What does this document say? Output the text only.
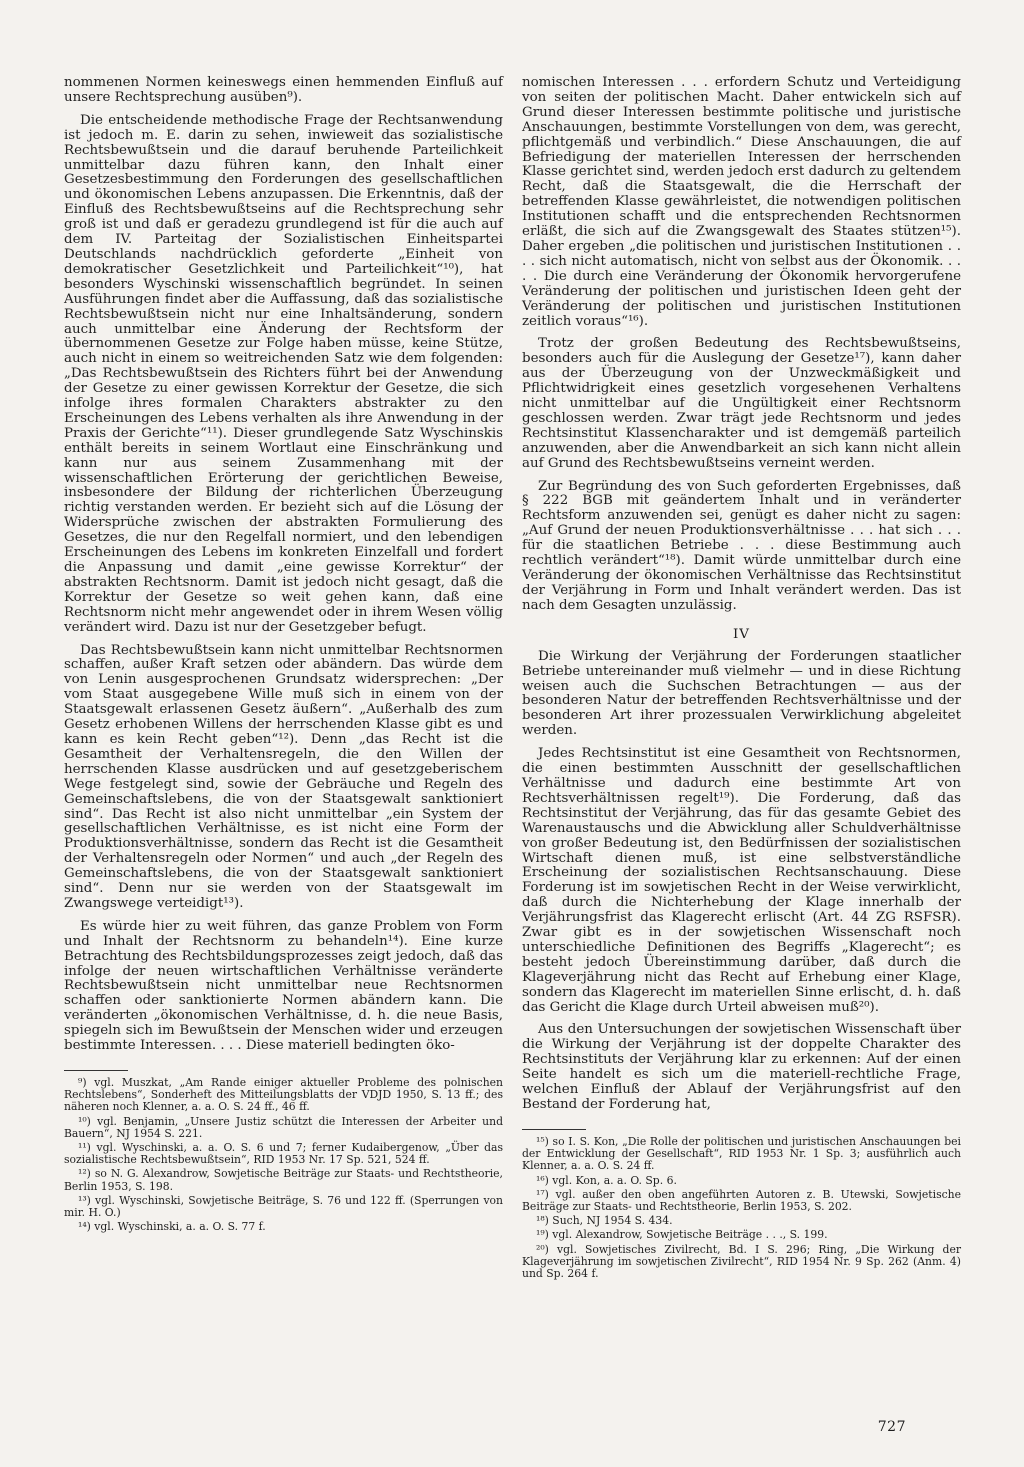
nommenen Normen keineswegs einen hemmenden Einfluß auf unsere Rechtsprechung ausüben⁹).

Die entscheidende methodische Frage der Rechtsanwendung ist jedoch m. E. darin zu sehen, inwieweit das sozialistische Rechtsbewußtsein und die darauf beruhende Parteilichkeit unmittelbar dazu führen kann, den Inhalt einer Gesetzesbestimmung den Forderungen des gesellschaftlichen und ökonomischen Lebens anzupassen. Die Erkenntnis, daß der Einfluß des Rechtsbewußtseins auf die Rechtsprechung sehr groß ist und daß er geradezu grundlegend ist für die auch auf dem IV. Parteitag der Sozialistischen Einheitspartei Deutschlands nachdrücklich geforderte „Einheit von demokratischer Gesetzlichkeit und Parteilichkeit“¹⁰), hat besonders Wyschinski wissenschaftlich begründet. In seinen Ausführungen findet aber die Auffassung, daß das sozialistische Rechtsbewußtsein nicht nur eine Inhaltsänderung, sondern auch unmittelbar eine Änderung der Rechtsform der übernommenen Gesetze zur Folge haben müsse, keine Stütze, auch nicht in einem so weitreichenden Satz wie dem folgenden: „Das Rechtsbewußtsein des Richters führt bei der Anwendung der Gesetze zu einer gewissen Korrektur der Gesetze, die sich infolge ihres formalen Charakters abstrakter zu den Erscheinungen des Lebens verhalten als ihre Anwendung in der Praxis der Gerichte“¹¹). Dieser grundlegende Satz Wyschinskis enthält bereits in seinem Wortlaut eine Einschränkung und kann nur aus seinem Zusammenhang mit der wissenschaftlichen Erörterung der gerichtlichen Beweise, insbesondere der Bildung der richterlichen Überzeugung richtig verstanden werden. Er bezieht sich auf die Lösung der Widersprüche zwischen der abstrakten Formulierung des Gesetzes, die nur den Regelfall normiert, und den lebendigen Erscheinungen des Lebens im konkreten Einzelfall und fordert die Anpassung und damit „eine gewisse Korrektur“ der abstrakten Rechtsnorm. Damit ist jedoch nicht gesagt, daß die Korrektur der Gesetze so weit gehen kann, daß eine Rechtsnorm nicht mehr angewendet oder in ihrem Wesen völlig verändert wird. Dazu ist nur der Gesetzgeber befugt.

Das Rechtsbewußtsein kann nicht unmittelbar Rechtsnormen schaffen, außer Kraft setzen oder abändern. Das würde dem von Lenin ausgesprochenen Grundsatz widersprechen: „Der vom Staat ausgegebene Wille muß sich in einem von der Staatsgewalt erlassenen Gesetz äußern“. „Außerhalb des zum Gesetz erhobenen Willens der herrschenden Klasse gibt es und kann es kein Recht geben“¹²). Denn „das Recht ist die Gesamtheit der Verhaltensregeln, die den Willen der herrschenden Klasse ausdrücken und auf gesetzgeberischem Wege festgelegt sind, sowie der Gebräuche und Regeln des Gemeinschaftslebens, die von der Staatsgewalt sanktioniert sind“. Das Recht ist also nicht unmittelbar „ein System der gesellschaftlichen Verhältnisse, es ist nicht eine Form der Produktionsverhältnisse, sondern das Recht ist die Gesamtheit der Verhaltensregeln oder Normen“ und auch „der Regeln des Gemeinschaftslebens, die von der Staatsgewalt sanktioniert sind“. Denn nur sie werden von der Staatsgewalt im Zwangswege verteidigt¹³).

Es würde hier zu weit führen, das ganze Problem von Form und Inhalt der Rechtsnorm zu behandeln¹⁴). Eine kurze Betrachtung des Rechtsbildungsprozesses zeigt jedoch, daß das infolge der neuen wirtschaftlichen Verhältnisse veränderte Rechtsbewußtsein nicht unmittelbar neue Rechtsnormen schaffen oder sanktionierte Normen abändern kann. Die veränderten „ökonomischen Verhältnisse, d. h. die neue Basis, spiegeln sich im Bewußtsein der Menschen wider und erzeugen bestimmte Interessen. . . . Diese materiell bedingten öko-

⁹) vgl. Muszkat, „Am Rande einiger aktueller Probleme des polnischen Rechtslebens“, Sonderheft des Mitteilungsblatts der VDJD 1950, S. 13 ff.; des näheren noch Klenner, a. a. O. S. 24 ff., 46 ff.

¹⁰) vgl. Benjamin, „Unsere Justiz schützt die Interessen der Arbeiter und Bauern“, NJ 1954 S. 221.

¹¹) vgl. Wyschinski, a. a. O. S. 6 und 7; ferner Kudaibergenow, „Über das sozialistische Rechtsbewußtsein“, RID 1953 Nr. 17 Sp. 521, 524 ff.

¹²) so N. G. Alexandrow, Sowjetische Beiträge zur Staats- und Rechtstheorie, Berlin 1953, S. 198.

¹³) vgl. Wyschinski, Sowjetische Beiträge, S. 76 und 122 ff. (Sperrungen von mir. H. O.)

¹⁴) vgl. Wyschinski, a. a. O. S. 77 f.

nomischen Interessen . . . erfordern Schutz und Verteidigung von seiten der politischen Macht. Daher entwickeln sich auf Grund dieser Interessen bestimmte politische und juristische Anschauungen, bestimmte Vorstellungen von dem, was gerecht, pflichtgemäß und verbindlich.“ Diese Anschauungen, die auf Befriedigung der materiellen Interessen der herrschenden Klasse gerichtet sind, werden jedoch erst dadurch zu geltendem Recht, daß die Staatsgewalt, die die Herrschaft der betreffenden Klasse gewährleistet, die notwendigen politischen Institutionen schafft und die entsprechenden Rechtsnormen erläßt, die sich auf die Zwangsgewalt des Staates stützen¹⁵). Daher ergeben „die politischen und juristischen Institutionen . . . . sich nicht automatisch, nicht von selbst aus der Ökonomik. . . . . Die durch eine Veränderung der Ökonomik hervorgerufene Veränderung der politischen und juristischen Ideen geht der Veränderung der politischen und juristischen Institutionen zeitlich voraus“¹⁶).

Trotz der großen Bedeutung des Rechtsbewußtseins, besonders auch für die Auslegung der Gesetze¹⁷), kann daher aus der Überzeugung von der Unzweckmäßigkeit und Pflichtwidrigkeit eines gesetzlich vorgesehenen Verhaltens nicht unmittelbar auf die Ungültigkeit einer Rechtsnorm geschlossen werden. Zwar trägt jede Rechtsnorm und jedes Rechtsinstitut Klassencharakter und ist demgemäß parteilich anzuwenden, aber die Anwendbarkeit an sich kann nicht allein auf Grund des Rechtsbewußtseins verneint werden.

Zur Begründung des von Such geforderten Ergebnisses, daß § 222 BGB mit geändertem Inhalt und in veränderter Rechtsform anzuwenden sei, genügt es daher nicht zu sagen: „Auf Grund der neuen Produktionsverhältnisse . . . hat sich . . . für die staatlichen Betriebe . . . diese Bestimmung auch rechtlich verändert“¹⁸). Damit würde unmittelbar durch eine Veränderung der ökonomischen Verhältnisse das Rechtsinstitut der Verjährung in Form und Inhalt verändert werden. Das ist nach dem Gesagten unzulässig.

IV

Die Wirkung der Verjährung der Forderungen staatlicher Betriebe untereinander muß vielmehr — und in diese Richtung weisen auch die Suchschen Betrachtungen — aus der besonderen Natur der betreffenden Rechtsverhältnisse und der besonderen Art ihrer prozessualen Verwirklichung abgeleitet werden.

Jedes Rechtsinstitut ist eine Gesamtheit von Rechtsnormen, die einen bestimmten Ausschnitt der gesellschaftlichen Verhältnisse und dadurch eine bestimmte Art von Rechtsverhältnissen regelt¹⁹). Die Forderung, daß das Rechtsinstitut der Verjährung, das für das gesamte Gebiet des Warenaustauschs und die Abwicklung aller Schuldverhältnisse von großer Bedeutung ist, den Bedürfnissen der sozialistischen Wirtschaft dienen muß, ist eine selbstverständliche Erscheinung der sozialistischen Rechtsanschauung. Diese Forderung ist im sowjetischen Recht in der Weise verwirklicht, daß durch die Nichterhebung der Klage innerhalb der Verjährungsfrist das Klagerecht erlischt (Art. 44 ZG RSFSR). Zwar gibt es in der sowjetischen Wissenschaft noch unterschiedliche Definitionen des Begriffs „Klagerecht“; es besteht jedoch Übereinstimmung darüber, daß durch die Klageverjährung nicht das Recht auf Erhebung einer Klage, sondern das Klagerecht im materiellen Sinne erlischt, d. h. daß das Gericht die Klage durch Urteil abweisen muß²⁰).

Aus den Untersuchungen der sowjetischen Wissenschaft über die Wirkung der Verjährung ist der doppelte Charakter des Rechtsinstituts der Verjährung klar zu erkennen: Auf der einen Seite handelt es sich um die materiell-rechtliche Frage, welchen Einfluß der Ablauf der Verjährungsfrist auf den Bestand der Forderung hat,

¹⁵) so I. S. Kon, „Die Rolle der politischen und juristischen Anschauungen bei der Entwicklung der Gesellschaft“, RID 1953 Nr. 1 Sp. 3; ausführlich auch Klenner, a. a. O. S. 24 ff.

¹⁶) vgl. Kon, a. a. O. Sp. 6.

¹⁷) vgl. außer den oben angeführten Autoren z. B. Utewski, Sowjetische Beiträge zur Staats- und Rechtstheorie, Berlin 1953, S. 202.

¹⁸) Such, NJ 1954 S. 434.

¹⁹) vgl. Alexandrow, Sowjetische Beiträge . . ., S. 199.

²⁰) vgl. Sowjetisches Zivilrecht, Bd. I S. 296; Ring, „Die Wirkung der Klageverjährung im sowjetischen Zivilrecht“, RID 1954 Nr. 9 Sp. 262 (Anm. 4) und Sp. 264 f.

727
